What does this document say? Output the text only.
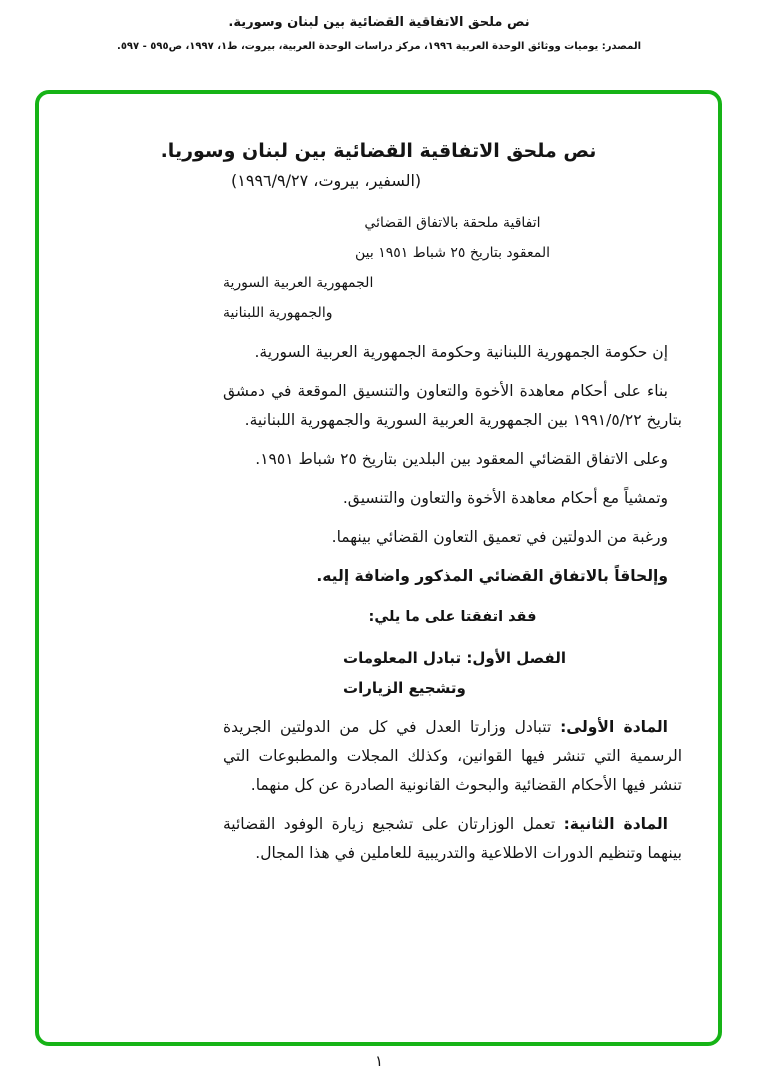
نص ملحق الاتفاقية القضائية بين لبنان وسورية.
المصدر: يوميات ووثائق الوحدة العربية ١٩٩٦، مركز دراسات الوحدة العربية، بيروت، ط١، ١٩٩٧، ص٥٩٥ - ٥٩٧.
نص ملحق الاتفاقية القضائية بين لبنان وسوريا.
(السفير، بيروت، ١٩٩٦/٩/٢٧)
اتفاقية ملحقة بالاتفاق القضائي
المعقود بتاريخ ٢٥ شباط ١٩٥١ بين
الجمهورية العربية السورية
والجمهورية اللبنانية

إن حكومة الجمهورية اللبنانية وحكومة الجمهورية العربية السورية.

بناء على أحكام معاهدة الأخوة والتعاون والتنسيق الموقعة في دمشق بتاريخ ١٩٩١/٥/٢٢ بين الجمهورية العربية السورية والجمهورية اللبنانية.

وعلى الاتفاق القضائي المعقود بين البلدين بتاريخ ٢٥ شباط ١٩٥١.

وتمشياً مع أحكام معاهدة الأخوة والتعاون والتنسيق.

ورغبة من الدولتين في تعميق التعاون القضائي بينهما.

وإلحاقاً بالاتفاق القضائي المذكور واضافة إليه.

فقد اتفقتا على ما يلي:
الفصل الأول: تبادل المعلومات
وتشجيع الزيارات

المادة الأولى: تتبادل وزارتا العدل في كل من الدولتين الجريدة الرسمية التي تنشر فيها القوانين، وكذلك المجلات والمطبوعات التي تنشر فيها الأحكام القضائية والبحوث القانونية الصادرة عن كل منهما.

المادة الثانية: تعمل الوزارتان على تشجيع زيارة الوفود القضائية بينهما وتنظيم الدورات الاطلاعية والتدريبية للعاملين في هذا المجال.

١
